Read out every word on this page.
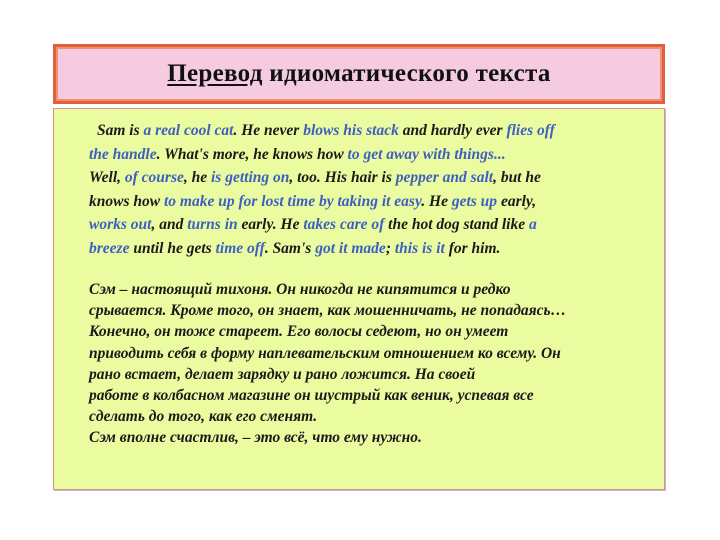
Перевод идиоматического текста

Sam is a real cool cat. He never blows his stack and hardly ever flies off

the handle. What's more, he knows how to get away with things...

Well, of course, he is getting on, too. His hair is pepper and salt, but he

knows how to make up for lost time by taking it easy. He gets up early,

works out, and turns in early. He takes care of the hot dog stand like a

breeze until he gets time off. Sam's got it made; this is it for him.

Сэм – настоящий тихоня. Он никогда не кипятится и редко

срывается. Кроме того, он знает, как мошенничать, не попадаясь…

Конечно, он тоже стареет. Его волосы седеют, но он умеет

приводить себя в форму наплевательским отношением ко всему. Он

рано встает, делает зарядку и рано ложится. На своей

работе в колбасном магазине он шустрый как веник, успевая все

сделать до того, как его сменят.

Сэм вполне счастлив, – это всё, что ему нужно.
